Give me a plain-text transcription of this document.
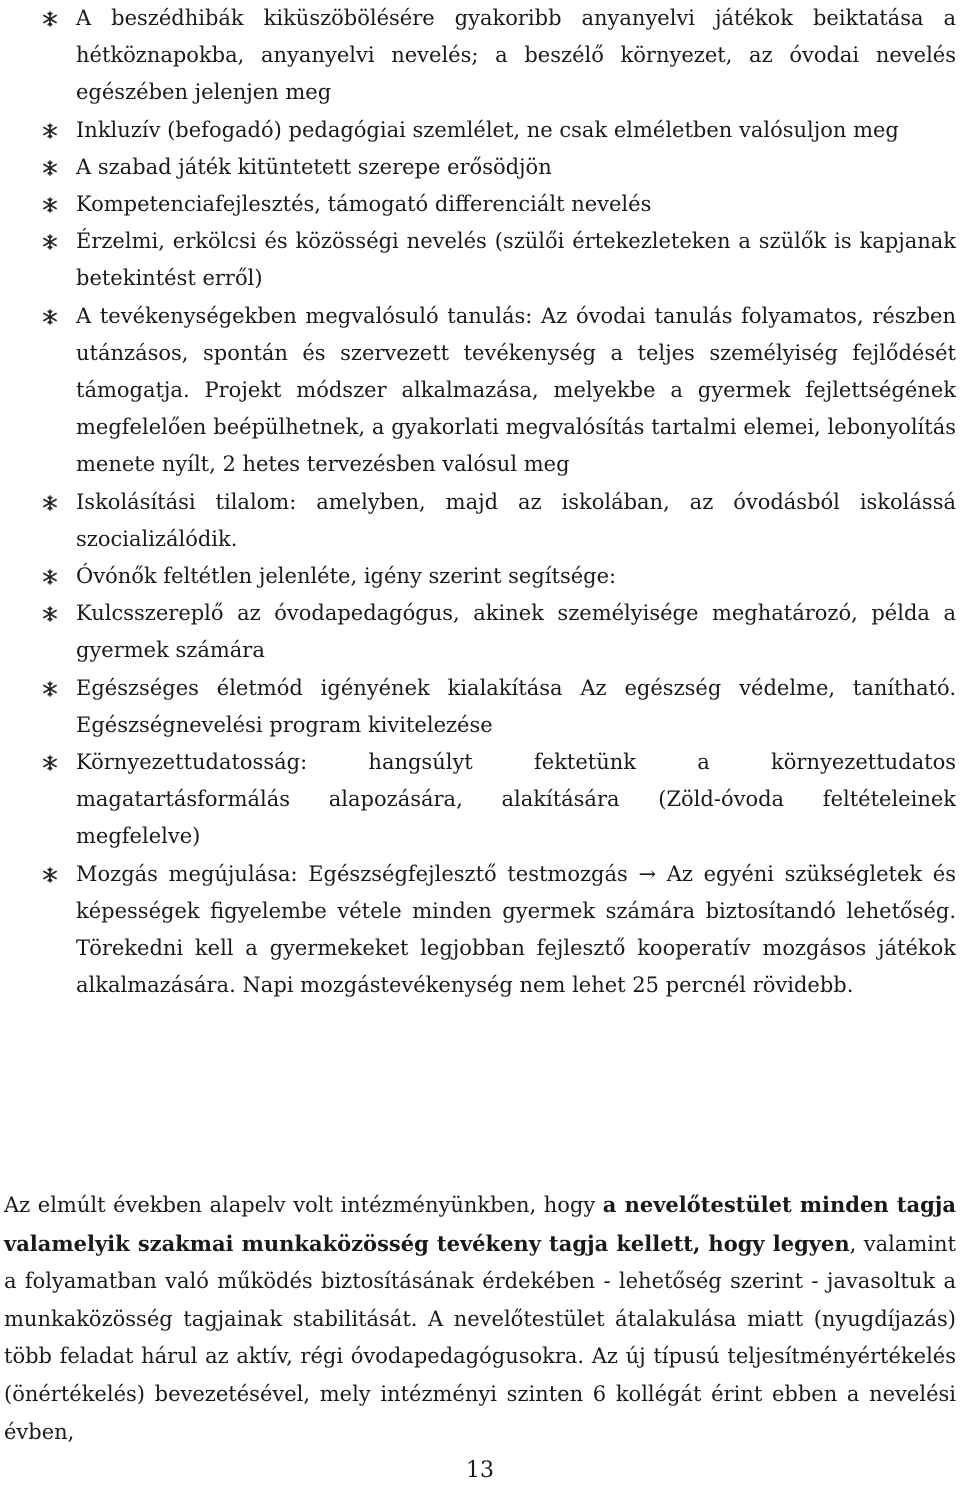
A beszédhibák kiküszöbölésére gyakoribb anyanyelvi játékok beiktatása a hétköznapokba, anyanyelvi nevelés; a beszélő környezet, az óvodai nevelés egészében jelenjen meg
Inkluzív (befogadó) pedagógiai szemlélet, ne csak elméletben valósuljon meg
A szabad játék kitüntetett szerepe erősödjön
Kompetenciafejlesztés, támogató differenciált nevelés
Érzelmi, erkölcsi és közösségi nevelés (szülői értekezleteken a szülők is kapjanak betekintést erről)
A tevékenységekben megvalósuló tanulás: Az óvodai tanulás folyamatos, részben utánzásos, spontán és szervezett tevékenység a teljes személyiség fejlődését támogatja. Projekt módszer alkalmazása, melyekbe a gyermek fejlettségének megfelelően beépülhetnek, a gyakorlati megvalósítás tartalmi elemei, lebonyolítás menete nyílt, 2 hetes tervezésben valósul meg
Iskolásítási tilalom: amelyben, majd az iskolában, az óvodásból iskolássá szocializálódik.
Óvónők feltétlen jelenléte, igény szerint segítsége:
Kulcsszereplő az óvodapedagógus, akinek személyisége meghatározó, példa a gyermek számára
Egészséges életmód igényének kialakítása Az egészség védelme, tanítható. Egészségnevelési program kivitelezése
Környezettudatosság: hangsúlyt fektetünk a környezettudatos magatartásformálás alapozására, alakítására (Zöld-óvoda feltételeinek megfelelve)
Mozgás megújulása: Egészségfejlesztő testmozgás → Az egyéni szükségletek és képességek figyelembe vétele minden gyermek számára biztosítandó lehetőség. Törekedni kell a gyermekeket legjobban fejlesztő kooperatív mozgásos játékok alkalmazására. Napi mozgástevékenység nem lehet 25 percnél rövidebb.

Az elmúlt években alapelv volt intézményünkben, hogy a nevelőtestület minden tagja valamelyik szakmai munkaközösség tevékeny tagja kellett, hogy legyen, valamint a folyamatban való működés biztosításának érdekében - lehetőség szerint - javasoltuk a munkaközösség tagjainak stabilitását. A nevelőtestület átalakulása miatt (nyugdíjazás) több feladat hárul az aktív, régi óvodapedagógusokra. Az új típusú teljesítményértékelés (önértékelés) bevezetésével, mely intézményi szinten 6 kollégát érint ebben a nevelési évben,

13
